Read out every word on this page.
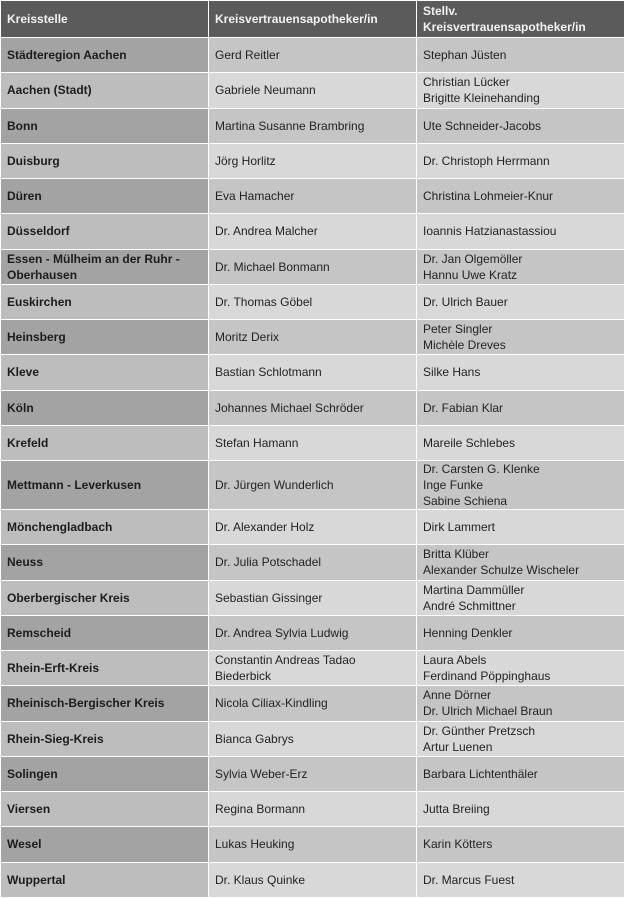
Kreisstelle	Kreisvertrauensapotheker/in	Stellv. Kreisvertrauensapotheker/in
Städteregion Aachen	Gerd Reitler	Stephan Jüsten

Aachen (Stadt)	Gabriele Neumann	Christian Lücker
Brigitte Kleinehanding

Bonn	Martina Susanne Brambring	Ute Schneider-Jacobs

Duisburg	Jörg Horlitz	Dr. Christoph Herrmann

Düren	Eva Hamacher	Christina Lohmeier-Knur

Düsseldorf	Dr. Andrea Malcher	Ioannis Hatzianastassiou

Essen - Mülheim an der Ruhr - Oberhausen	Dr. Michael Bonmann	Dr. Jan Olgemöller
Hannu Uwe Kratz

Euskirchen	Dr. Thomas Göbel	Dr. Ulrich Bauer

Heinsberg	Moritz Derix	Peter Singler
Michèle Dreves

Kleve	Bastian Schlotmann	Silke Hans

Köln	Johannes Michael Schröder	Dr. Fabian Klar

Krefeld	Stefan Hamann	Mareile Schlebes

Mettmann - Leverkusen	Dr. Jürgen Wunderlich	Dr. Carsten G. Klenke
Inge Funke
Sabine Schiena

Mönchengladbach	Dr. Alexander Holz	Dirk Lammert

Neuss	Dr. Julia Potschadel	Britta Klüber
Alexander Schulze Wischeler

Oberbergischer Kreis	Sebastian Gissinger	Martina Dammüller
André Schmittner

Remscheid	Dr. Andrea Sylvia Ludwig	Henning Denkler

Rhein-Erft-Kreis	Constantin Andreas Tadao Biederbick	Laura Abels
Ferdinand Pöppinghaus

Rheinisch-Bergischer Kreis	Nicola Ciliax-Kindling	Anne Dörner
Dr. Ulrich Michael Braun

Rhein-Sieg-Kreis	Bianca Gabrys	Dr. Günther Pretzsch
Artur Luenen

Solingen	Sylvia Weber-Erz	Barbara Lichtenthäler

Viersen	Regina Bormann	Jutta Breiing

Wesel	Lukas Heuking	Karin Kötters

Wuppertal	Dr. Klaus Quinke	Dr. Marcus Fuest
